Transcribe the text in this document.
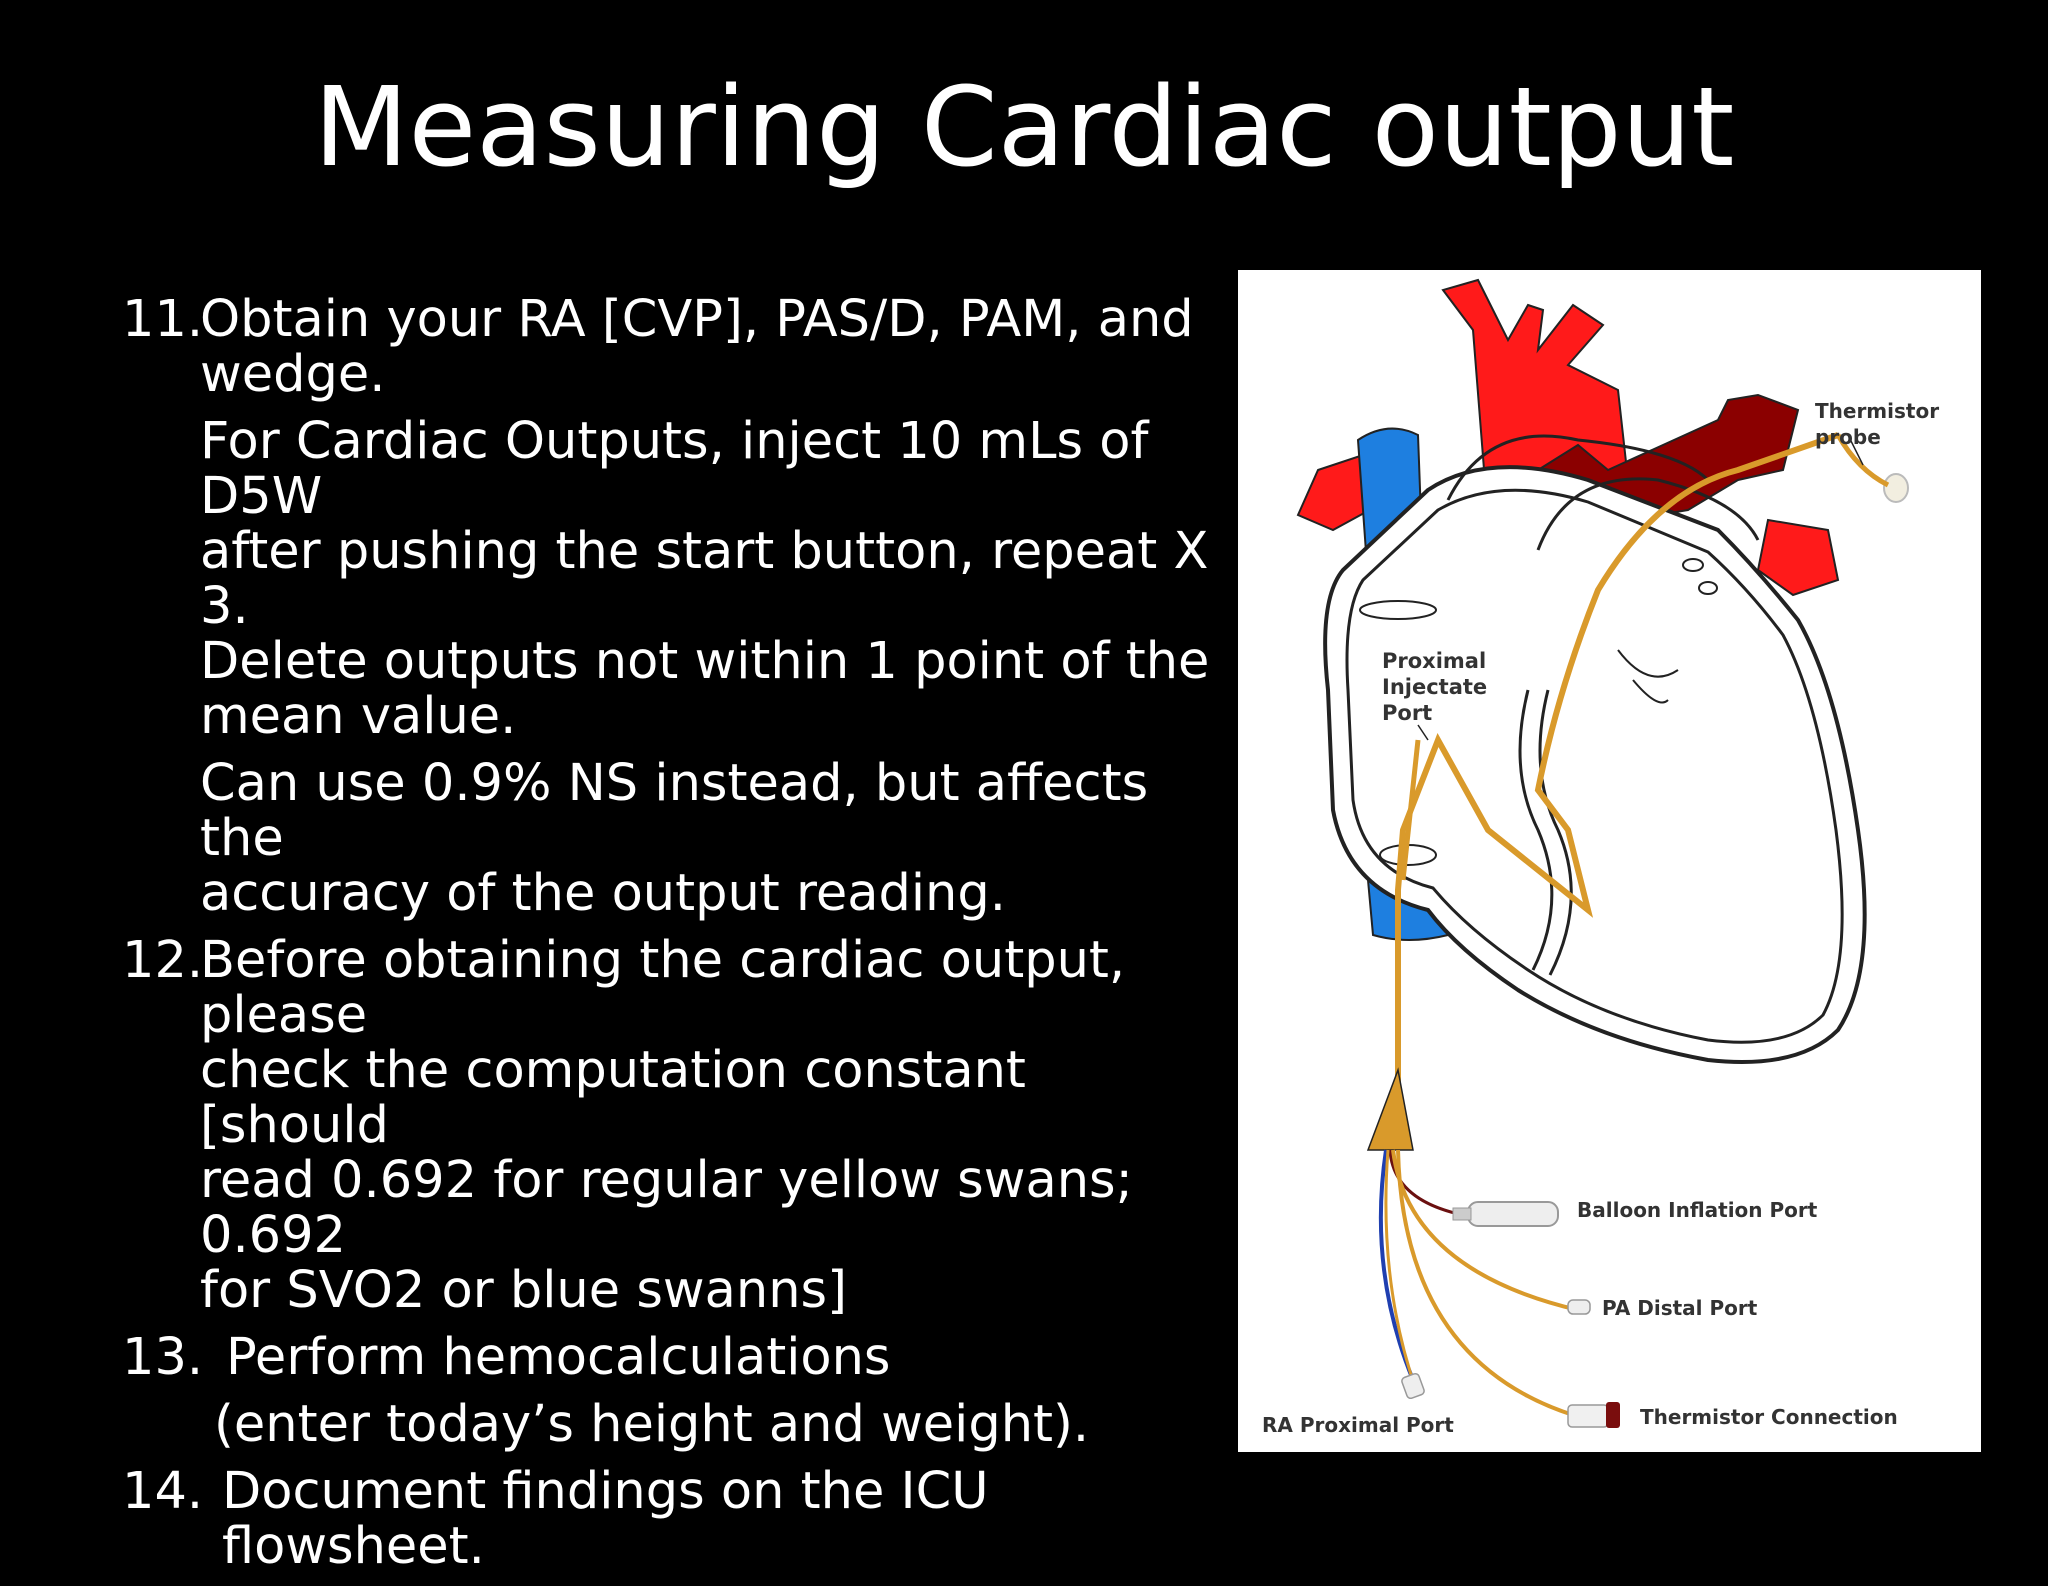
Measuring Cardiac output
11.
Obtain your RA [CVP], PAS/D, PAM, and
wedge.
For Cardiac Outputs, inject 10 mLs of D5W
after pushing the start button, repeat X 3.
Delete outputs not within 1 point of the
mean value.
Can use 0.9% NS instead, but affects the
accuracy of the output reading.
12.
Before obtaining the cardiac output, please
check the computation constant [should
read 0.692 for regular yellow swans; 0.692
for SVO2 or blue swanns]
13. Perform hemocalculations
(enter today’s height and weight).
14. Document findings on the ICU flowsheet.
Thermistor
probe
Proximal
Injectate
Port
Balloon Inflation Port
PA Distal Port
Thermistor Connection
RA Proximal Port
